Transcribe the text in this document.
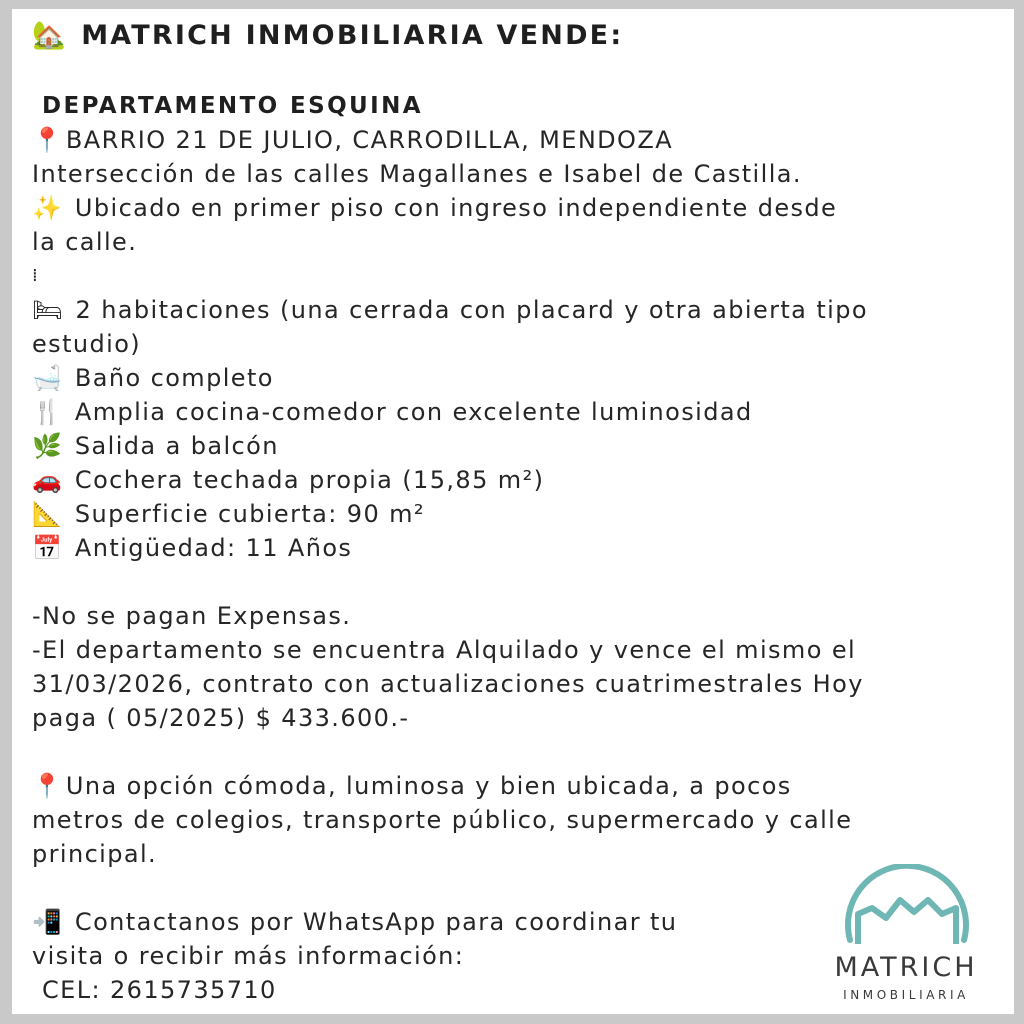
🏡 MATRICH INMOBILIARIA VENDE:
DEPARTAMENTO ESQUINA
📍 BARRIO 21 DE JULIO, CARRODILLA, MENDOZA
Intersección de las calles Magallanes e Isabel de Castilla.
✨ Ubicado en primer piso con ingreso independiente desde
la calle.
⁞
🛏 2 habitaciones (una cerrada con placard y otra abierta tipo
estudio)
🛁 Baño completo
🍴 Amplia cocina-comedor con excelente luminosidad
🌿 Salida a balcón
🚗 Cochera techada propia (15,85 m²)
📐 Superficie cubierta: 90 m²
📅 Antigüedad: 11 Años
-No se pagan Expensas.
-El departamento se encuentra Alquilado y vence el mismo el
31/03/2026, contrato con actualizaciones cuatrimestrales Hoy
paga ( 05/2025) $ 433.600.-
📍 Una opción cómoda, luminosa y bien ubicada, a pocos
metros de colegios, transporte público, supermercado y calle
principal.
📲 Contactanos por WhatsApp para coordinar tu
visita o recibir más información:
CEL: 2615735710
MATRICH
INMOBILIARIA
